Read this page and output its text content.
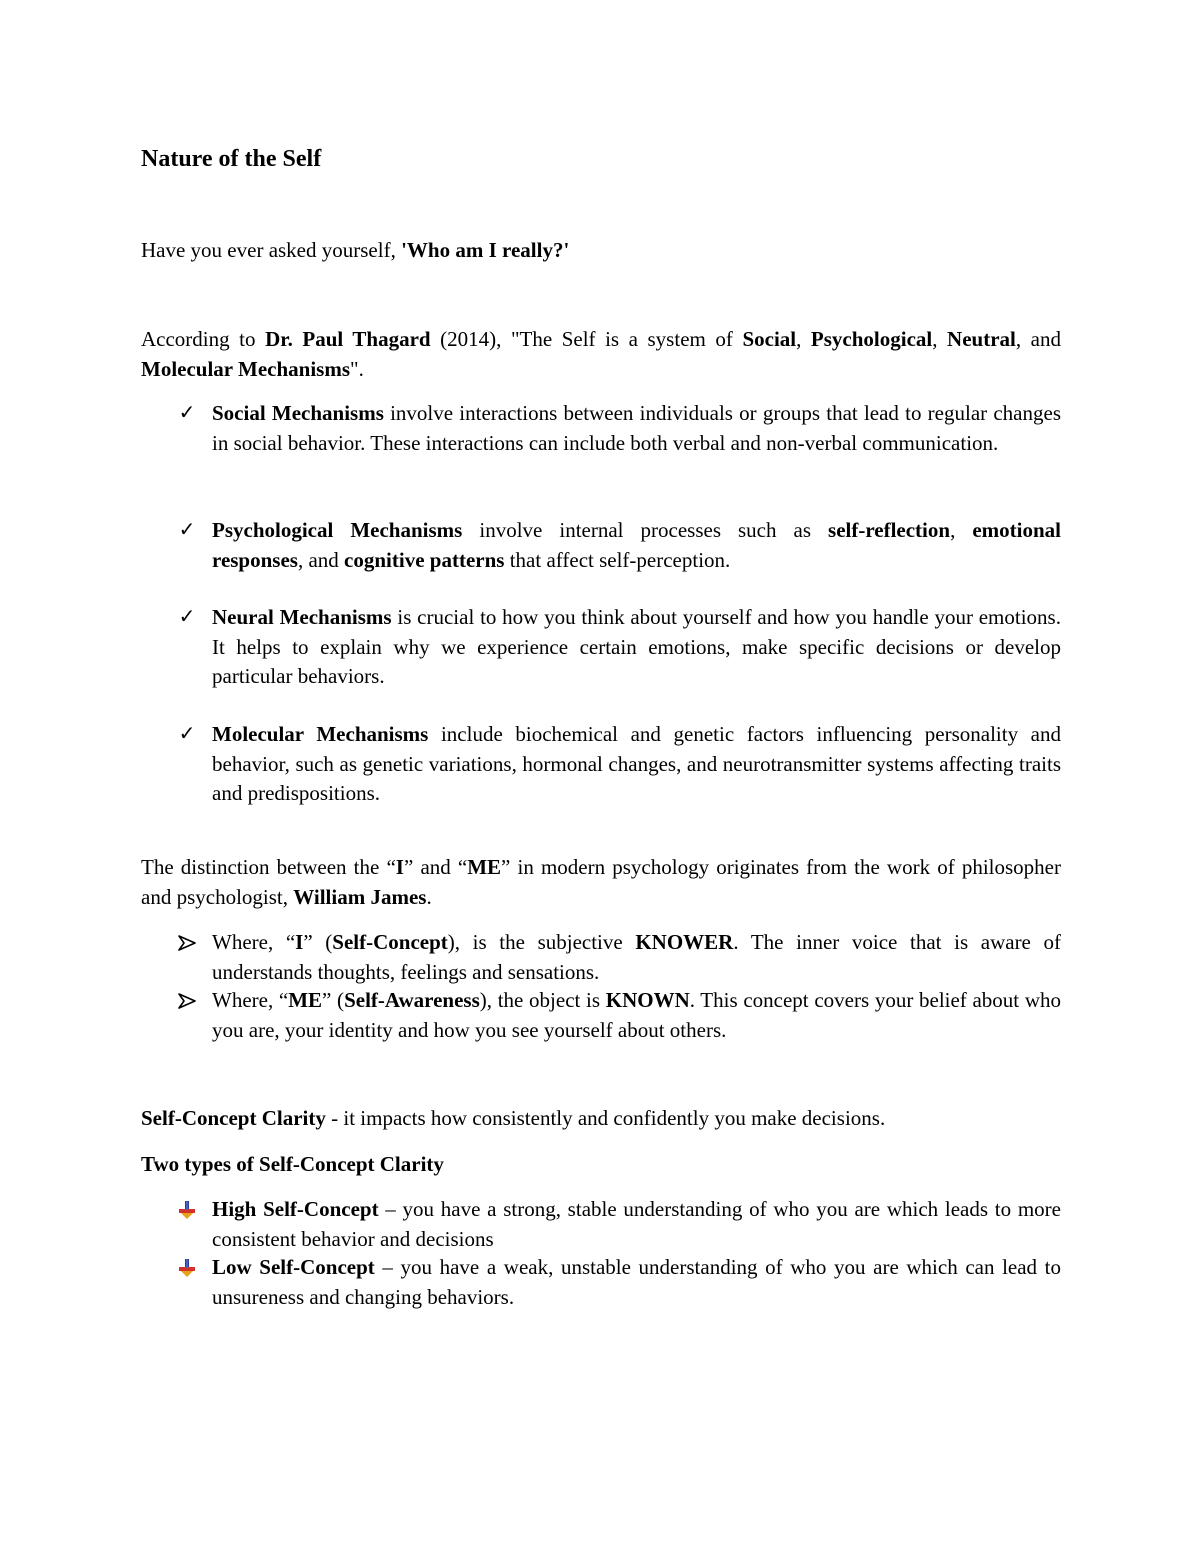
Nature of the Self

Have you ever asked yourself, 'Who am I really?'

According to Dr. Paul Thagard (2014), "The Self is a system of Social, Psychological, Neutral, and Molecular Mechanisms".

✓ Social Mechanisms involve interactions between individuals or groups that lead to regular changes in social behavior. These interactions can include both verbal and non-verbal communication.
✓ Psychological Mechanisms involve internal processes such as self-reflection, emotional responses, and cognitive patterns that affect self-perception.
✓ Neural Mechanisms is crucial to how you think about yourself and how you handle your emotions. It helps to explain why we experience certain emotions, make specific decisions or develop particular behaviors.
✓ Molecular Mechanisms include biochemical and genetic factors influencing personality and behavior, such as genetic variations, hormonal changes, and neurotransmitter systems affecting traits and predispositions.

The distinction between the “I” and “ME” in modern psychology originates from the work of philosopher and psychologist, William James.

Where, “I” (Self-Concept), is the subjective KNOWER. The inner voice that is aware of understands thoughts, feelings and sensations.
Where, “ME” (Self-Awareness), the object is KNOWN. This concept covers your belief about who you are, your identity and how you see yourself about others.

Self-Concept Clarity - it impacts how consistently and confidently you make decisions.

Two types of Self-Concept Clarity

High Self-Concept – you have a strong, stable understanding of who you are which leads to more consistent behavior and decisions
Low Self-Concept – you have a weak, unstable understanding of who you are which can lead to unsureness and changing behaviors.
